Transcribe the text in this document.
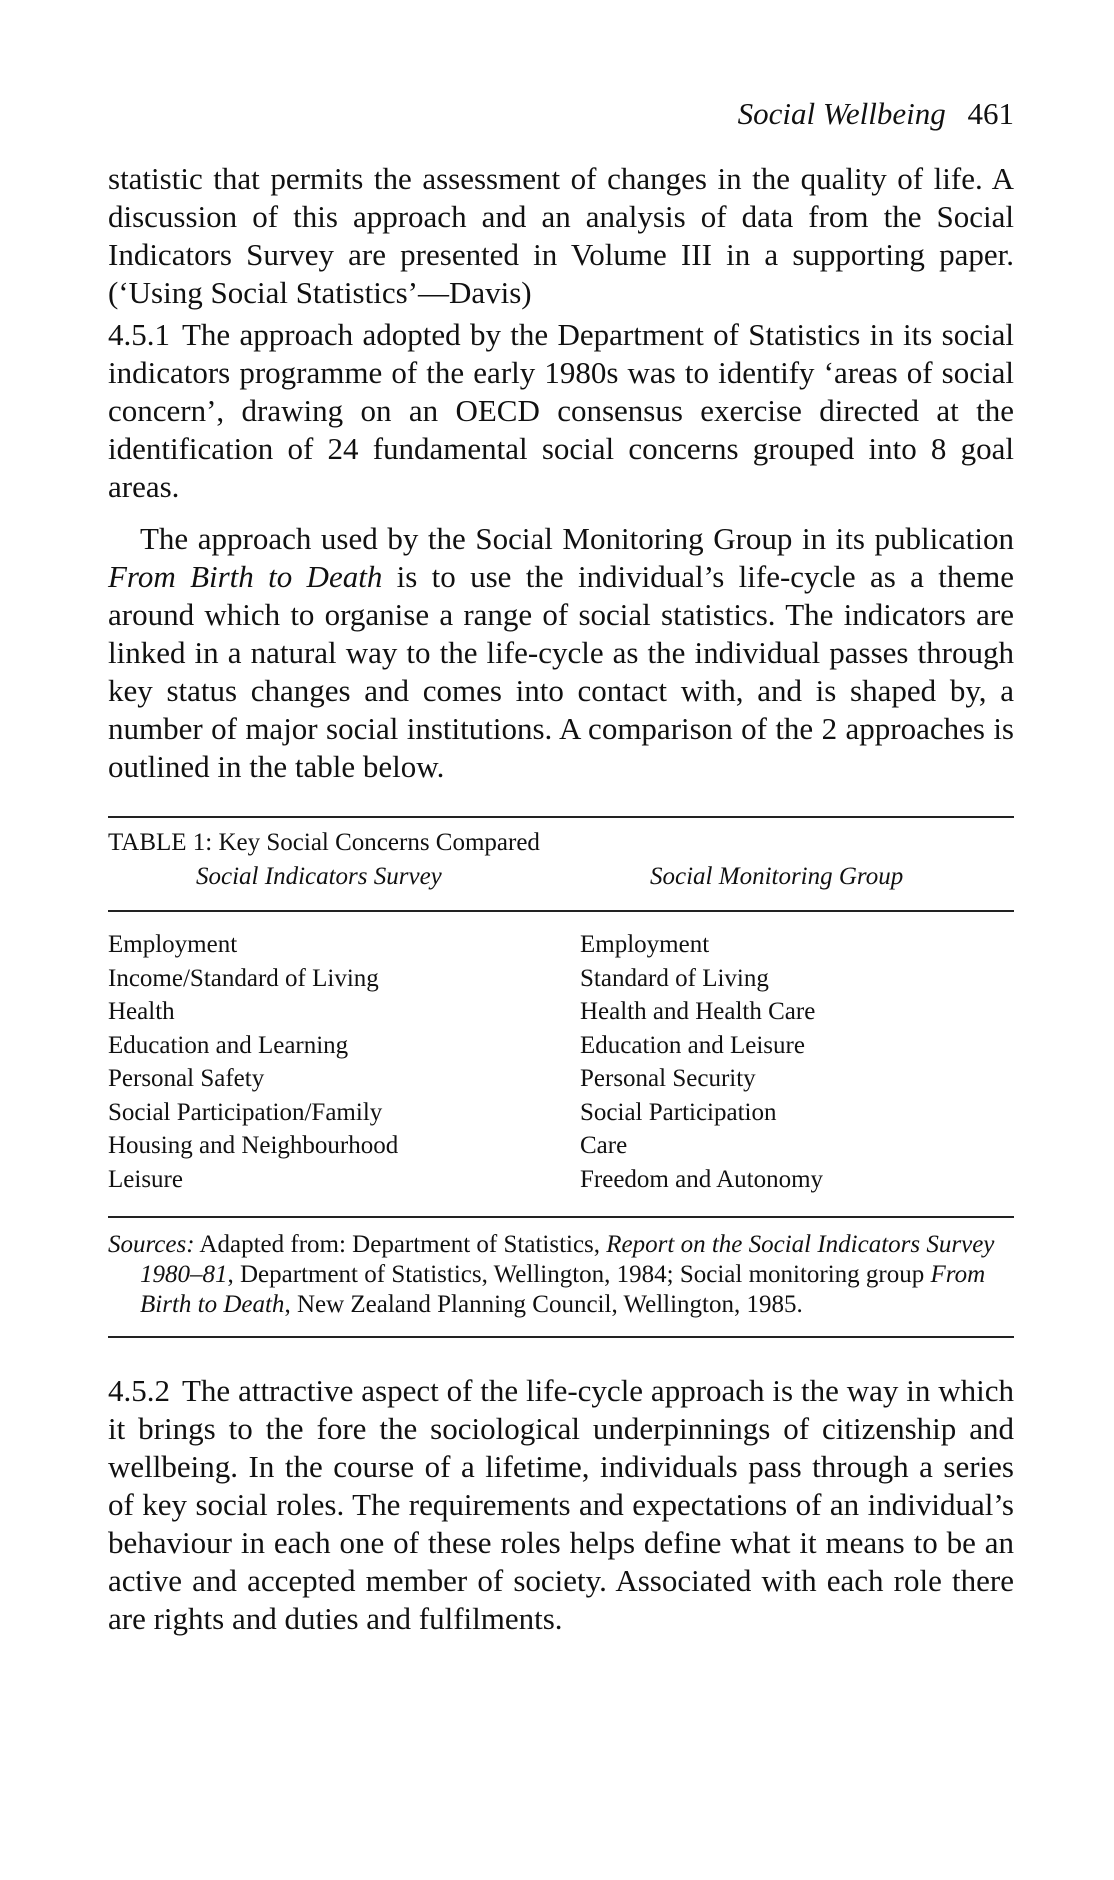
Social Wellbeing 461

statistic that permits the assessment of changes in the quality of life. A discussion of this approach and an analysis of data from the Social Indicators Survey are presented in Volume III in a supporting paper. (‘Using Social Statistics’—Davis)

4.5.1 The approach adopted by the Department of Statistics in its social indicators programme of the early 1980s was to identify ‘areas of social concern’, drawing on an OECD consensus exercise directed at the identification of 24 fundamental social concerns grouped into 8 goal areas.

The approach used by the Social Monitoring Group in its publication From Birth to Death is to use the individual’s life-cycle as a theme around which to organise a range of social statistics. The indicators are linked in a natural way to the life-cycle as the individual passes through key status changes and comes into contact with, and is shaped by, a number of major social institutions. A comparison of the 2 approaches is outlined in the table below.

TABLE 1: Key Social Concerns Compared
Social Indicators Survey	Social Monitoring Group
Employment
Income/Standard of Living
Health
Education and Learning
Personal Safety
Social Participation/Family
Housing and Neighbourhood
Leisure
Employment
Standard of Living
Health and Health Care
Education and Leisure
Personal Security
Social Participation
Care
Freedom and Autonomy
Sources: Adapted from: Department of Statistics, Report on the Social Indicators Survey 1980–81, Department of Statistics, Wellington, 1984; Social monitoring group From Birth to Death, New Zealand Planning Council, Wellington, 1985.

4.5.2 The attractive aspect of the life-cycle approach is the way in which it brings to the fore the sociological underpinnings of citizenship and wellbeing. In the course of a lifetime, individuals pass through a series of key social roles. The requirements and expectations of an individual’s behaviour in each one of these roles helps define what it means to be an active and accepted member of society. Associated with each role there are rights and duties and fulfilments.
